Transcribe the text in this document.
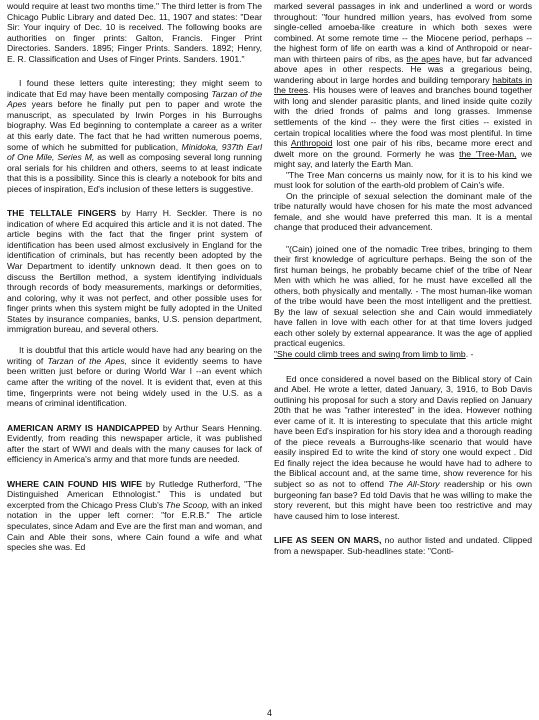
would require at least two months time." The third letter is from The Chicago Public Library and dated Dec. 11, 1907 and states: "Dear Sir: Your inquiry of Dec. 10 is received. The following books are authorities on finger prints: Galton, Francis. Finger Print Directories. Sanders. 1895; Finger Prints. Sanders. 1892; Henry, E. R. Classification and Uses of Finger Prints. Sanders. 1901."

I found these letters quite interesting; they might seem to indicate that Ed may have been mentally composing Tarzan of the Apes years before he finally put pen to paper and wrote the manuscript, as speculated by Irwin Porges in his Burroughs biography. Was Ed beginning to contemplate a career as a writer at this early date. The fact that he had written numerous poems, some of which he submitted for publication, Minidoka, 937th Earl of One Mile, Series M, as well as composing several long running oral serials for his children and others, seems to at least indicate that this is a possibility. Since this is clearly a notebook for bits and pieces of inspiration, Ed's inclusion of these letters is suggestive.

THE TELLTALE FINGERS by Harry H. Seckler. There is no indication of where Ed acquired this article and it is not dated. The article begins with the fact that the finger print system of identification has been used almost exclusively in England for the identification of criminals, but has recently been adopted by the War Department to identify unknown dead. It then goes on to discuss the Bertillon method, a system identifying individuals through records of body measurements, markings or deformities, and coloring, why it was not perfect, and other possible uses for finger prints when this system might be fully adopted in the United States by insurance companies, banks, U.S. pension department, immigration bureau, and several others.

It is doubtful that this article would have had any bearing on the writing of Tarzan of the Apes, since it evidently seems to have been written just before or during World War I --an event which came after the writing of the novel. It is evident that, even at this time, fingerprints were not being widely used in the U.S. as a means of criminal identification.

AMERICAN ARMY IS HANDICAPPED by Arthur Sears Henning. Evidently, from reading this newspaper article, it was published after the start of WWI and deals with the many causes for lack of efficiency in America's army and that more funds are needed.

WHERE CAIN FOUND HIS WIFE by Rutledge Rutherford, "The Distinguished American Ethnologist." This is undated but excerpted from the Chicago Press Club's The Scoop, with an inked notation in the upper left corner: "for E.R.B." The article speculates, since Adam and Eve are the first man and woman, and Cain and Able their sons, where Cain found a wife and what species she was. Ed

marked several passages in ink and underlined a word or words throughout: "four hundred million years, has evolved from some single-celled amoeba-like creature in which both sexes were combined. At some remote time -- the Miocene period, perhaps -- the highest form of life on earth was a kind of Anthropoid or near-man with thirteen pairs of ribs, as the apes have, but far advanced above apes in other respects. He was a gregarious being, wandering about in large hordes and building temporary habitats in the trees. His houses were of leaves and branches bound together with long and slender parasitic plants, and lined inside quite cozily with the dried fronds of palms and long grasses. Immense settlements of the kind -- they were the first cities -- existed in certain tropical localities where the food was most plentiful. In time this Anthropoid lost one pair of his ribs, became more erect and dwelt more on the ground. Formerly he was the 'Tree-Man, we might say, and laterly the Earth Man.

"The Tree Man concerns us mainly now, for it is to his kind we must look for solution of the earth-old problem of Cain's wife.

On the principle of sexual selection the dominant male of the tribe naturally would have chosen for his mate the most advanced female, and she would have preferred this man. It is a mental change that produced their advancement.

"(Cain) joined one of the nomadic Tree tribes, bringing to them their first knowledge of agriculture perhaps. Being the son of the first human beings, he probably became chief of the tribe of Near Men with which he was allied, for he must have excelled all the others, both physically and mentally. - The most human-like woman of the tribe would have been the most intelligent and the prettiest. By the law of sexual selection she and Cain would immediately have fallen in love with each other for at that time lovers judged each other solely by external appearance. It was the age of applied practical eugenics.
"She could climb trees and swing from limb to limb. -

Ed once considered a novel based on the Biblical story of Cain and Abel. He wrote a letter, dated January, 3, 1916, to Bob Davis outlining his proposal for such a story and Davis replied on January 20th that he was "rather interested" in the idea. However nothing ever came of it. It is interesting to speculate that this article might have been Ed's inspiration for his story idea and a thorough reading of the piece reveals a Burroughs-like scenario that would have easily inspired Ed to write the kind of story one would expect . Did Ed finally reject the idea because he would have had to adhere to the Biblical account and, at the same time, show reverence for his subject so as not to offend The All-Story readership or his own burgeoning fan base? Ed told Davis that he was willing to make the story reverent, but this might have been too restrictive and may have caused him to lose interest.

LIFE AS SEEN ON MARS, no author listed and undated. Clipped from a newspaper. Sub-headlines state: "Conti-

4
